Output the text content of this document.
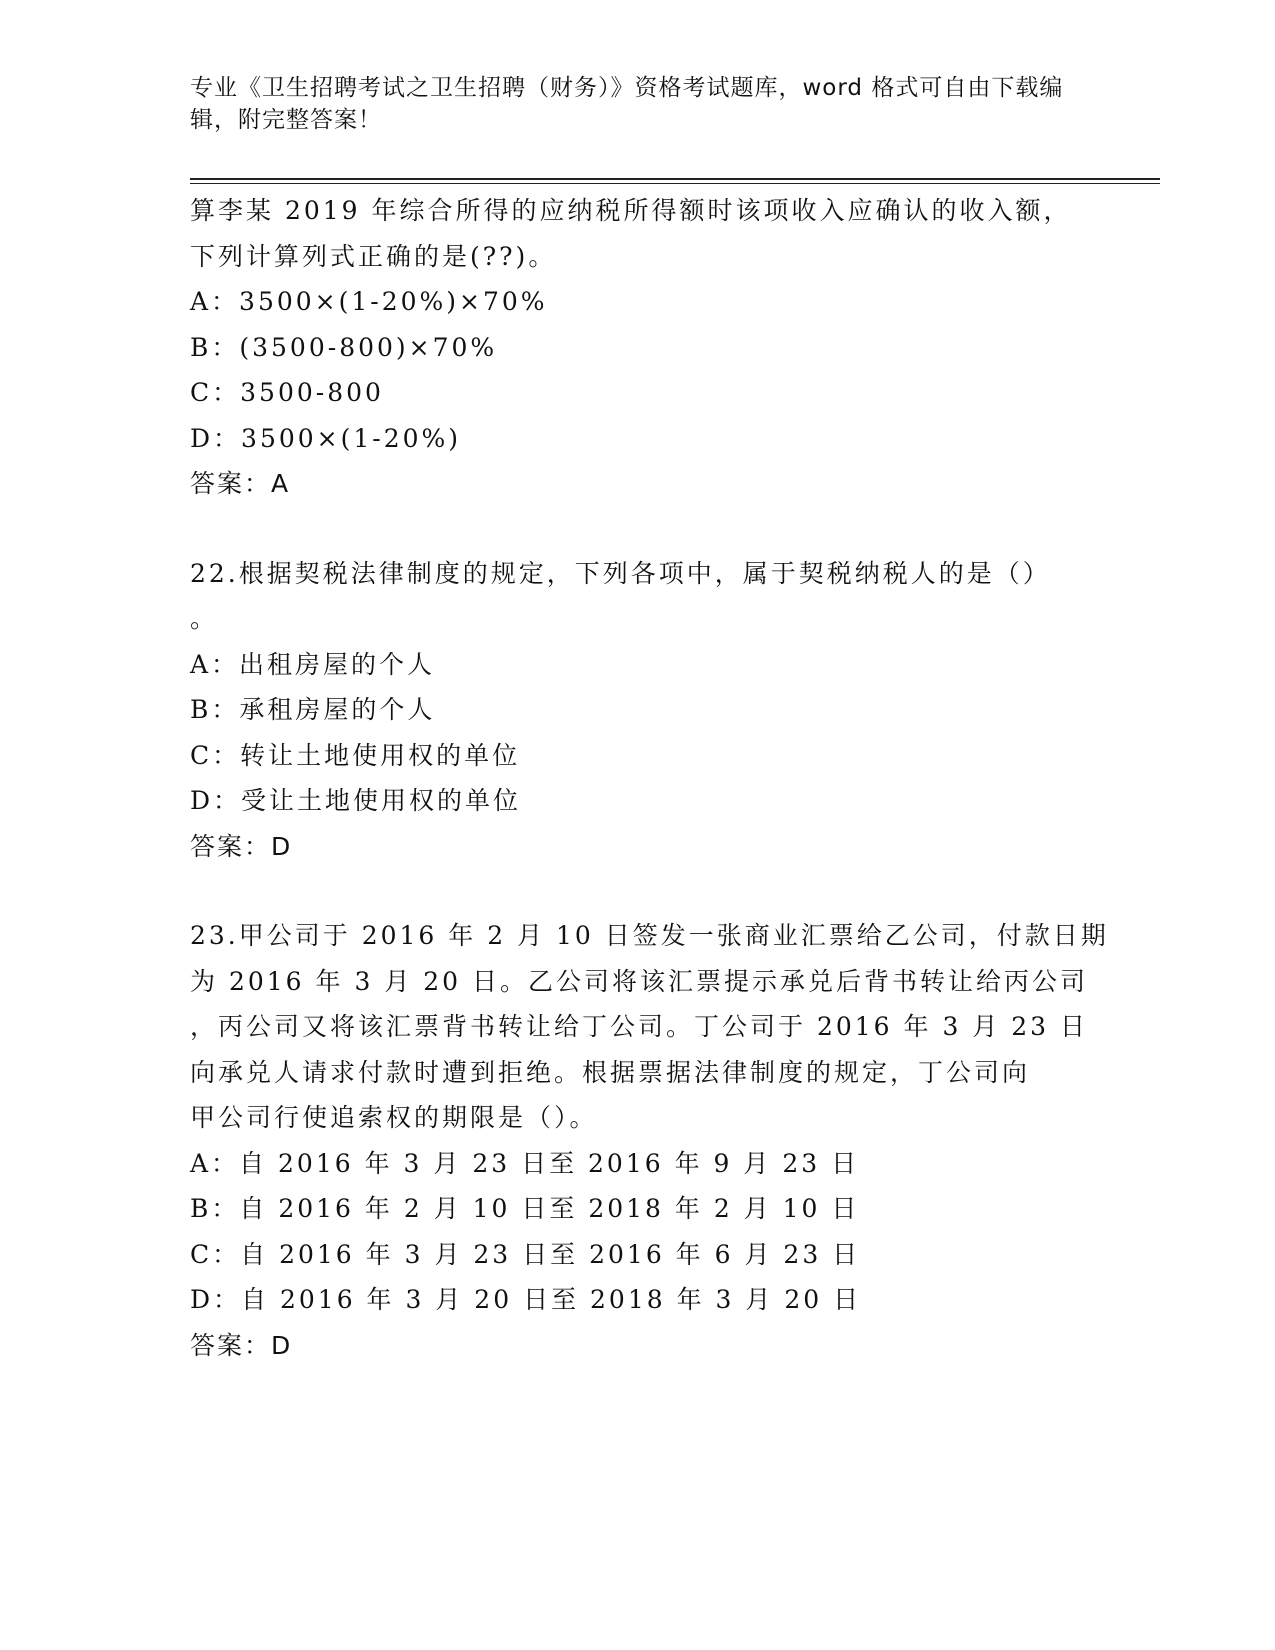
专业《卫生招聘考试之卫生招聘（财务）》资格考试题库，word 格式可自由下载编辑，附完整答案！
算李某 2019 年综合所得的应纳税所得额时该项收入应确认的收入额，
下列计算列式正确的是(??)。
A：3500×(1-20%)×70%
B：(3500-800)×70%
C：3500-800
D：3500×(1-20%)
答案：A
22.根据契税法律制度的规定，下列各项中，属于契税纳税人的是（）
。
A：出租房屋的个人
B：承租房屋的个人
C：转让土地使用权的单位
D：受让土地使用权的单位
答案：D
23.甲公司于 2016 年 2 月 10 日签发一张商业汇票给乙公司，付款日期
为 2016 年 3 月 20 日。乙公司将该汇票提示承兑后背书转让给丙公司
，丙公司又将该汇票背书转让给丁公司。丁公司于 2016 年 3 月 23 日
向承兑人请求付款时遭到拒绝。根据票据法律制度的规定，丁公司向
甲公司行使追索权的期限是（）。
A：自 2016 年 3 月 23 日至 2016 年 9 月 23 日
B：自 2016 年 2 月 10 日至 2018 年 2 月 10 日
C：自 2016 年 3 月 23 日至 2016 年 6 月 23 日
D：自 2016 年 3 月 20 日至 2018 年 3 月 20 日
答案：D
